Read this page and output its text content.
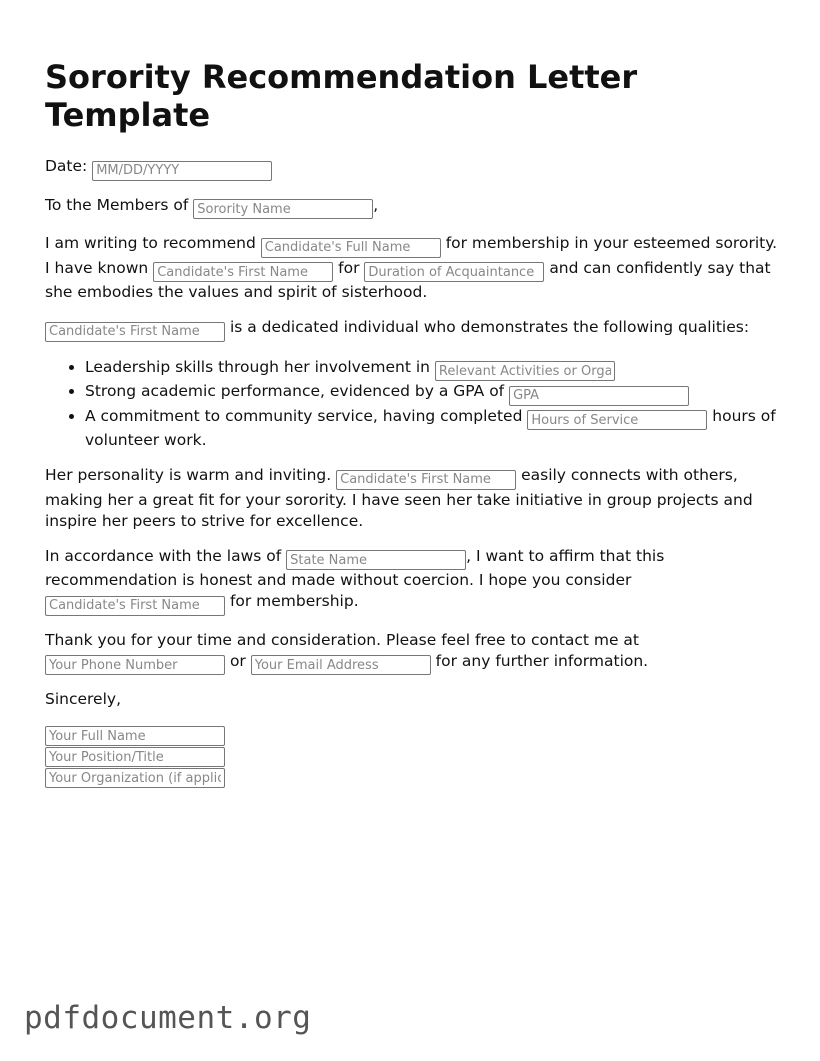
Sorority Recommendation Letter Template

Date: MM/DD/YYYY

To the Members of Sorority Name	,

I am writing to recommend Candidate's Full Name	for membership in your esteemed sorority. I have known Candidate's First Name	for Duration of Acquaintance	and can confidently say that she embodies the values and spirit of sisterhood.

Candidate's First Name is a dedicated individual who demonstrates the following qualities:

• Leadership skills through her involvement in Relevant Activities or Organizations
• Strong academic performance, evidenced by a GPA of GPA
• A commitment to community service, having completed Hours of Service	hours of volunteer work.

Her personality is warm and inviting. Candidate's First Name	easily connects with others, making her a great fit for your sorority. I have seen her take initiative in group projects and inspire her peers to strive for excellence.

In accordance with the laws of State Name	, I want to affirm that this recommendation is honest and made without coercion. I hope you consider Candidate's First Name for membership.

Thank you for your time and consideration. Please feel free to contact me at Your Phone Number or Your Email Address	for any further information.

Sincerely,

Your Full Name
Your Position/Title
Your Organization (if applicable)
pdfdocument.org
